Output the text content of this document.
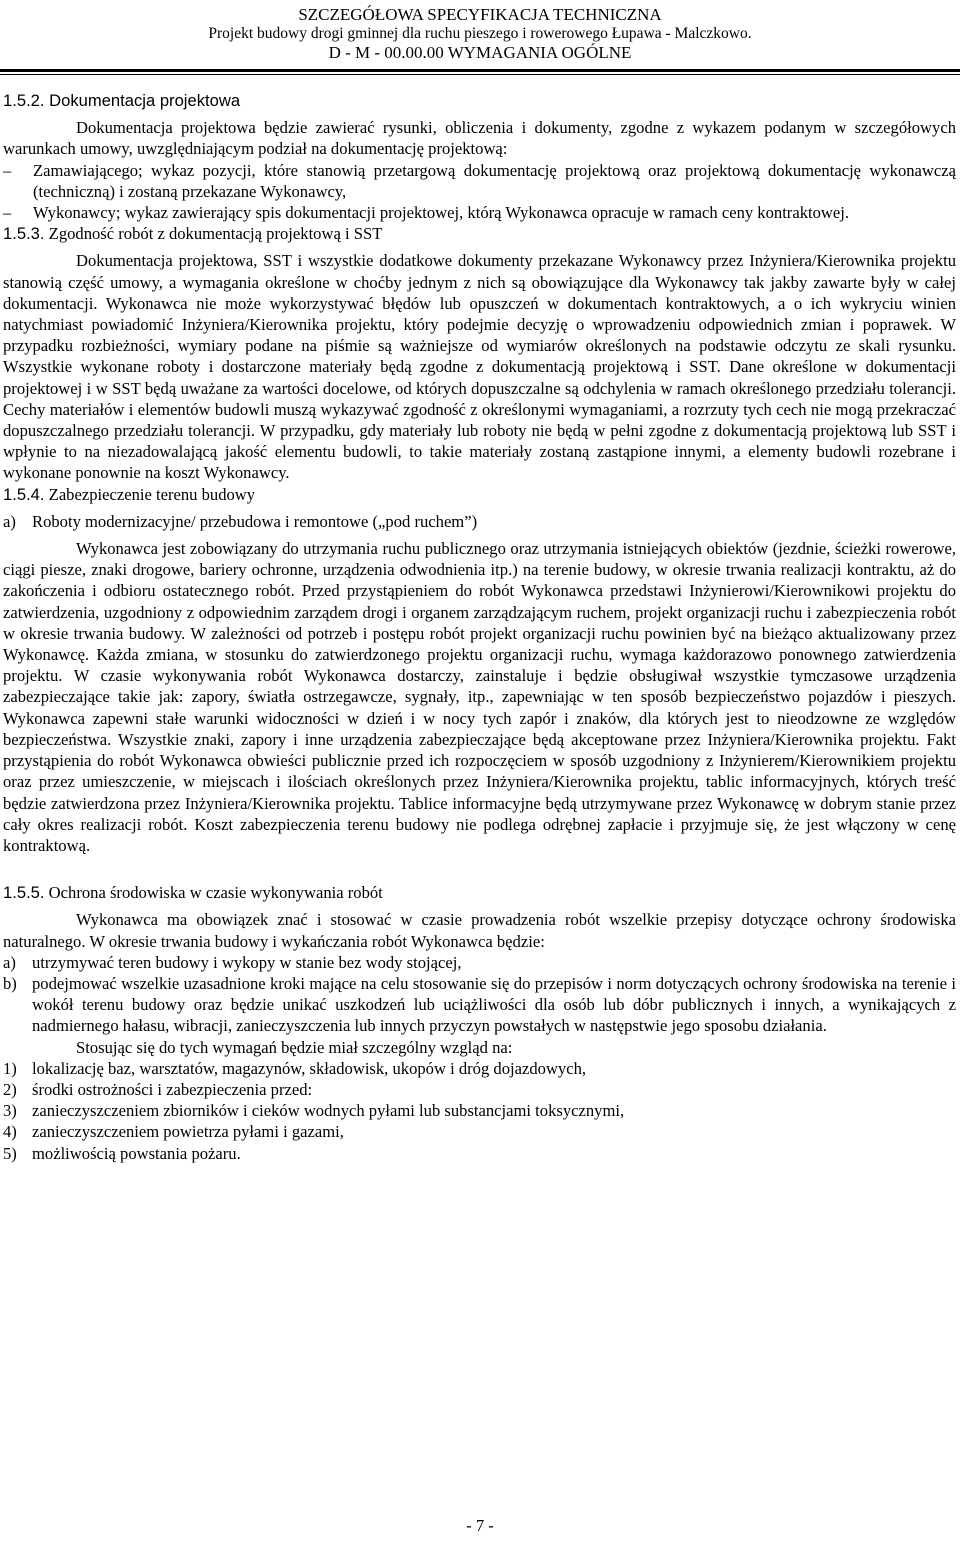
SZCZEGÓŁOWA SPECYFIKACJA TECHNICZNA
Projekt budowy drogi gminnej dla ruchu pieszego i rowerowego Łupawa - Malczkowo.
D - M - 00.00.00 WYMAGANIA OGÓLNE
1.5.2. Dokumentacja projektowa

Dokumentacja projektowa będzie zawierać rysunki, obliczenia i dokumenty, zgodne z wykazem podanym w szczegółowych warunkach umowy, uwzględniającym podział na dokumentację projektową:

–	Zamawiającego; wykaz pozycji, które stanowią przetargową dokumentację projektową oraz projektową dokumentację wykonawczą (techniczną) i zostaną przekazane Wykonawcy,
–	Wykonawcy; wykaz zawierający spis dokumentacji projektowej, którą Wykonawca opracuje w ramach ceny kontraktowej.
1.5.3. Zgodność robót z dokumentacją projektową i SST

Dokumentacja projektowa, SST i wszystkie dodatkowe dokumenty przekazane Wykonawcy przez Inżyniera/Kierownika projektu stanowią część umowy, a wymagania określone w choćby jednym z nich są obowiązujące dla Wykonawcy tak jakby zawarte były w całej dokumentacji. Wykonawca nie może wykorzystywać błędów lub opuszczeń w dokumentach kontraktowych, a o ich wykryciu winien natychmiast powiadomić Inżyniera/Kierownika projektu, który podejmie decyzję o wprowadzeniu odpowiednich zmian i poprawek. W przypadku rozbieżności, wymiary podane na piśmie są ważniejsze od wymiarów określonych na podstawie odczytu ze skali rysunku. Wszystkie wykonane roboty i dostarczone materiały będą zgodne z dokumentacją projektową i SST. Dane określone w dokumentacji projektowej i w SST będą uważane za wartości docelowe, od których dopuszczalne są odchylenia w ramach określonego przedziału tolerancji. Cechy materiałów i elementów budowli muszą wykazywać zgodność z określonymi wymaganiami, a rozrzuty tych cech nie mogą przekraczać dopuszczalnego przedziału tolerancji. W przypadku, gdy materiały lub roboty nie będą w pełni zgodne z dokumentacją projektową lub SST i wpłynie to na niezadowalającą jakość elementu budowli, to takie materiały zostaną zastąpione innymi, a elementy budowli rozebrane i wykonane ponownie na koszt Wykonawcy.

1.5.4. Zabezpieczenie terenu budowy
a) Roboty modernizacyjne/ przebudowa i remontowe („pod ruchem”)

Wykonawca jest zobowiązany do utrzymania ruchu publicznego oraz utrzymania istniejących obiektów (jezdnie, ścieżki rowerowe, ciągi piesze, znaki drogowe, bariery ochronne, urządzenia odwodnienia itp.) na terenie budowy, w okresie trwania realizacji kontraktu, aż do zakończenia i odbioru ostatecznego robót. Przed przystąpieniem do robót Wykonawca przedstawi Inżynierowi/Kierownikowi projektu do zatwierdzenia, uzgodniony z odpowiednim zarządem drogi i organem zarządzającym ruchem, projekt organizacji ruchu i zabezpieczenia robót w okresie trwania budowy. W zależności od potrzeb i postępu robót projekt organizacji ruchu powinien być na bieżąco aktualizowany przez Wykonawcę. Każda zmiana, w stosunku do zatwierdzonego projektu organizacji ruchu, wymaga każdorazowo ponownego zatwierdzenia projektu. W czasie wykonywania robót Wykonawca dostarczy, zainstaluje i będzie obsługiwał wszystkie tymczasowe urządzenia zabezpieczające takie jak: zapory, światła ostrzegawcze, sygnały, itp., zapewniając w ten sposób bezpieczeństwo pojazdów i pieszych. Wykonawca zapewni stałe warunki widoczności w dzień i w nocy tych zapór i znaków, dla których jest to nieodzowne ze względów bezpieczeństwa. Wszystkie znaki, zapory i inne urządzenia zabezpieczające będą akceptowane przez Inżyniera/Kierownika projektu. Fakt przystąpienia do robót Wykonawca obwieści publicznie przed ich rozpoczęciem w sposób uzgodniony z Inżynierem/Kierownikiem projektu oraz przez umieszczenie, w miejscach i ilościach określonych przez Inżyniera/Kierownika projektu, tablic informacyjnych, których treść będzie zatwierdzona przez Inżyniera/Kierownika projektu. Tablice informacyjne będą utrzymywane przez Wykonawcę w dobrym stanie przez cały okres realizacji robót. Koszt zabezpieczenia terenu budowy nie podlega odrębnej zapłacie i przyjmuje się, że jest włączony w cenę kontraktową.

1.5.5. Ochrona środowiska w czasie wykonywania robót

Wykonawca ma obowiązek znać i stosować w czasie prowadzenia robót wszelkie przepisy dotyczące ochrony środowiska naturalnego. W okresie trwania budowy i wykańczania robót Wykonawca będzie:

a) utrzymywać teren budowy i wykopy w stanie bez wody stojącej,
b) podejmować wszelkie uzasadnione kroki mające na celu stosowanie się do przepisów i norm dotyczących ochrony środowiska na terenie i wokół terenu budowy oraz będzie unikać uszkodzeń lub uciążliwości dla osób lub dóbr publicznych i innych, a wynikających z nadmiernego hałasu, wibracji, zanieczyszczenia lub innych przyczyn powstałych w następstwie jego sposobu działania.

Stosując się do tych wymagań będzie miał szczególny wzgląd na:

1) lokalizację baz, warsztatów, magazynów, składowisk, ukopów i dróg dojazdowych,
2) środki ostrożności i zabezpieczenia przed:
3) zanieczyszczeniem zbiorników i cieków wodnych pyłami lub substancjami toksycznymi,
4) zanieczyszczeniem powietrza pyłami i gazami,
5) możliwością powstania pożaru.
- 7 -
